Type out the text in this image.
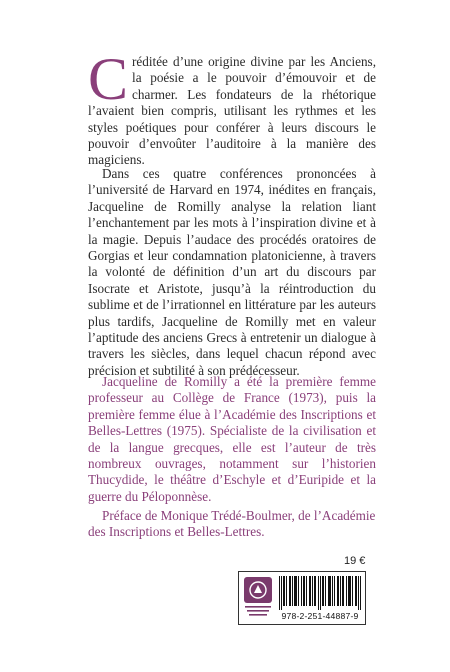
Créditée d’une origine divine par les Anciens, la poésie a le pouvoir d’émouvoir et de charmer. Les fondateurs de la rhétorique l’avaient bien compris, utilisant les rythmes et les styles poétiques pour conférer à leurs discours le pouvoir d’envoûter l’auditoire à la manière des magiciens.

Dans ces quatre conférences prononcées à l’université de Harvard en 1974, inédites en français, Jacqueline de Romilly analyse la relation liant l’enchantement par les mots à l’inspiration divine et à la magie. Depuis l’audace des procédés oratoires de Gorgias et leur condamnation platonicienne, à travers la volonté de définition d’un art du discours par Isocrate et Aristote, jusqu’à la réintroduction du sublime et de l’irrationnel en littérature par les auteurs plus tardifs, Jacqueline de Romilly met en valeur l’aptitude des anciens Grecs à entretenir un dialogue à travers les siècles, dans lequel chacun répond avec précision et subtilité à son prédécesseur.

Jacqueline de Romilly a été la première femme professeur au Collège de France (1973), puis la première femme élue à l’Académie des Inscriptions et Belles-Lettres (1975). Spécialiste de la civilisation et de la langue grecques, elle est l’auteur de très nombreux ouvrages, notamment sur l’historien Thucydide, le théâtre d’Eschyle et d’Euripide et la guerre du Péloponnèse.

Préface de Monique Trédé-Boulmer, de l’Académie des Inscriptions et Belles-Lettres.

19 €
978-2-251-44887-9
